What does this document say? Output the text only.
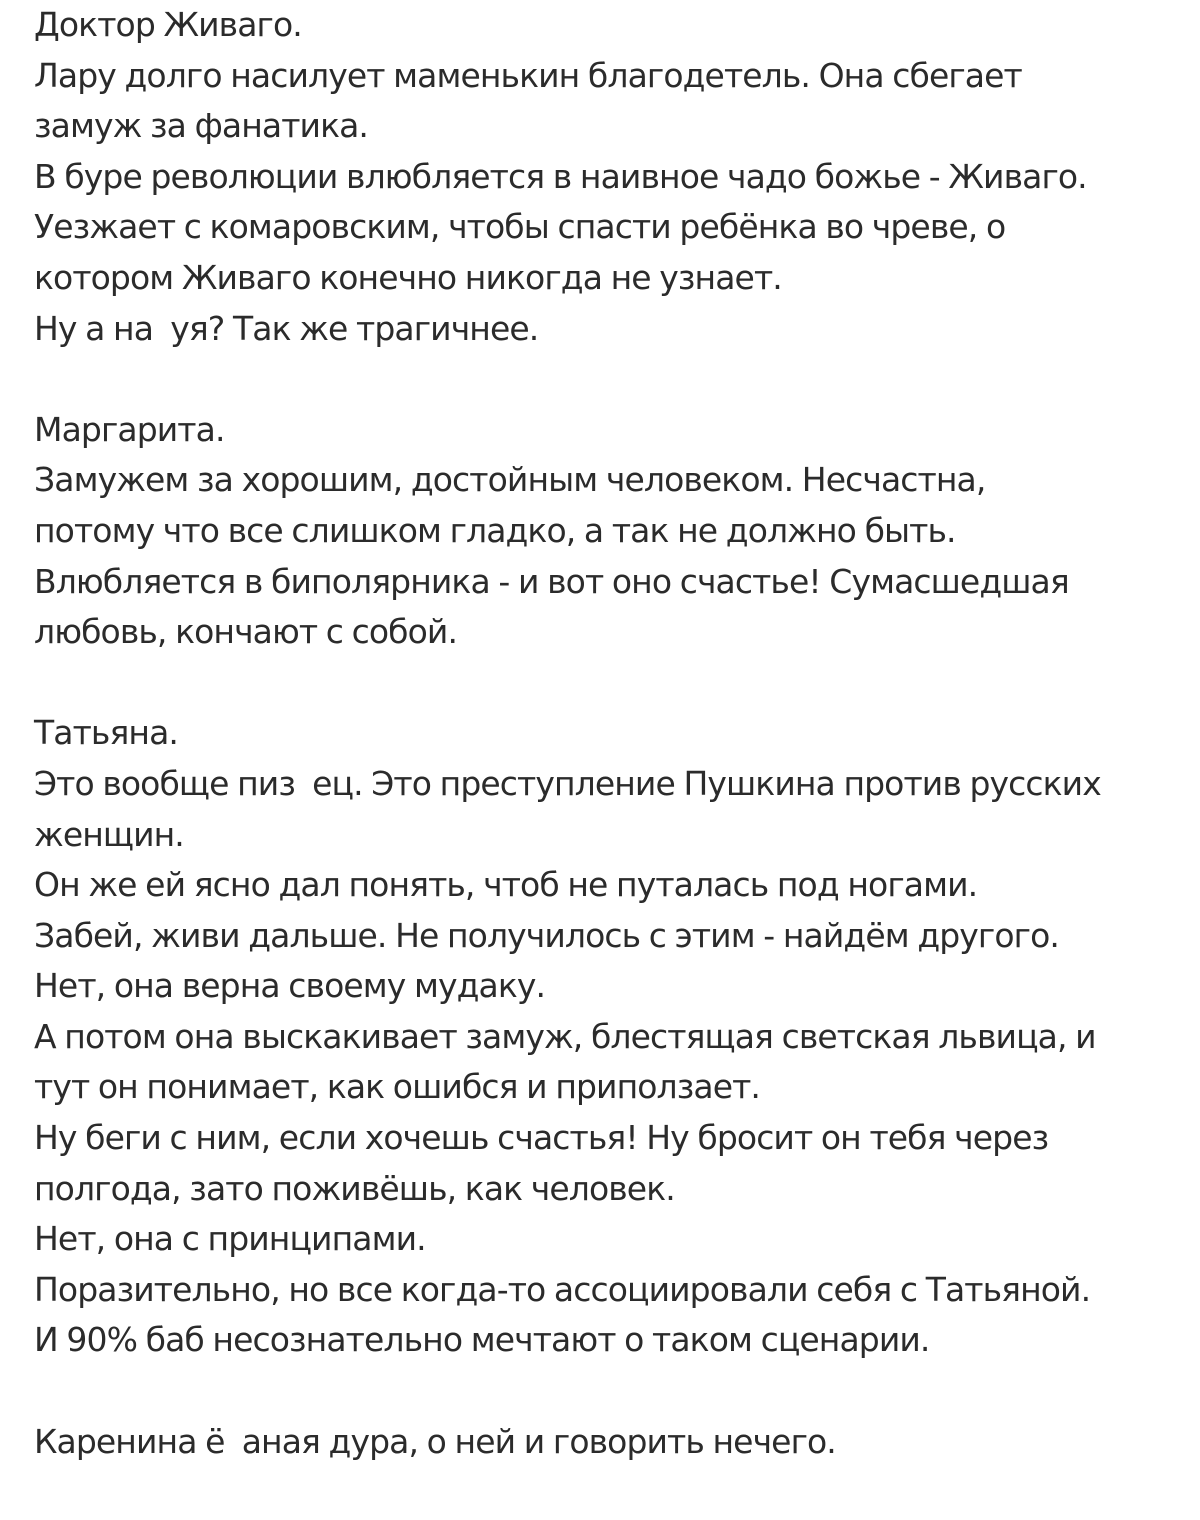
Доктор Живаго.
Лару долго насилует маменькин благодетель. Она сбегает
замуж за фанатика.
В буре революции влюбляется в наивное чадо божье - Живаго.
Уезжает с комаровским, чтобы спасти ребёнка во чреве, о
котором Живаго конечно никогда не узнает.
Ну а на  уя? Так же трагичнее.
Маргарита.
Замужем за хорошим, достойным человеком. Несчастна,
потому что все слишком гладко, а так не должно быть.
Влюбляется в биполярника - и вот оно счастье! Сумасшедшая
любовь, кончают с собой.
Татьяна.
Это вообще пиз  ец. Это преступление Пушкина против русских
женщин.
Он же ей ясно дал понять, чтоб не путалась под ногами.
Забей, живи дальше. Не получилось с этим - найдём другого.
Нет, она верна своему мудаку.
А потом она выскакивает замуж, блестящая светская львица, и
тут он понимает, как ошибся и приползает.
Ну беги с ним, если хочешь счастья! Ну бросит он тебя через
полгода, зато поживёшь, как человек.
Нет, она с принципами.
Поразительно, но все когда-то ассоциировали себя с Татьяной.
И 90% баб несознательно мечтают о таком сценарии.
Каренина ё  аная дура, о ней и говорить нечего.
